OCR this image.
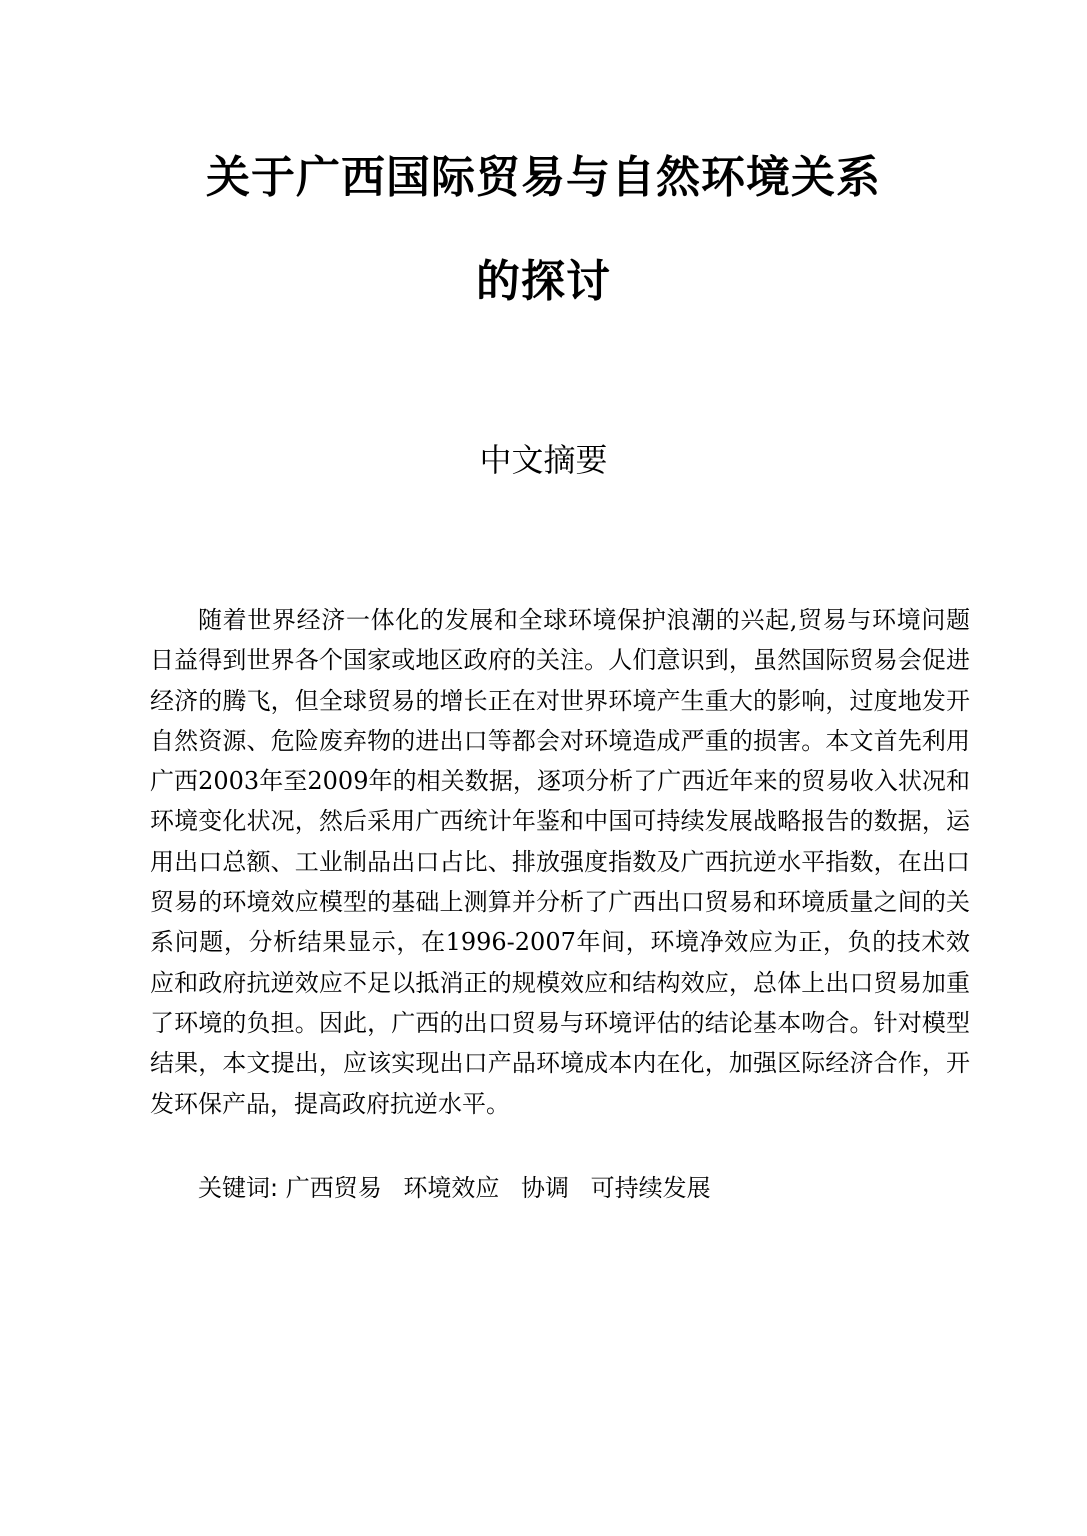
关于广西国际贸易与自然环境关系
的探讨
中文摘要

随着世界经济一体化的发展和全球环境保护浪潮的兴起,贸易与环境问题日益得到世界各个国家或地区政府的关注。人们意识到，虽然国际贸易会促进经济的腾飞，但全球贸易的增长正在对世界环境产生重大的影响，过度地发开自然资源、危险废弃物的进出口等都会对环境造成严重的损害。本文首先利用广西2003年至2009年的相关数据，逐项分析了广西近年来的贸易收入状况和环境变化状况，然后采用广西统计年鉴和中国可持续发展战略报告的数据，运用出口总额、工业制品出口占比、排放强度指数及广西抗逆水平指数，在出口贸易的环境效应模型的基础上测算并分析了广西出口贸易和环境质量之间的关系问题，分析结果显示，在1996-2007年间，环境净效应为正，负的技术效应和政府抗逆效应不足以抵消正的规模效应和结构效应，总体上出口贸易加重了环境的负担。因此，广西的出口贸易与环境评估的结论基本吻合。针对模型结果，本文提出，应该实现出口产品环境成本内在化，加强区际经济合作，开发环保产品，提高政府抗逆水平。

关键词: 广西贸易 环境效应 协调 可持续发展
